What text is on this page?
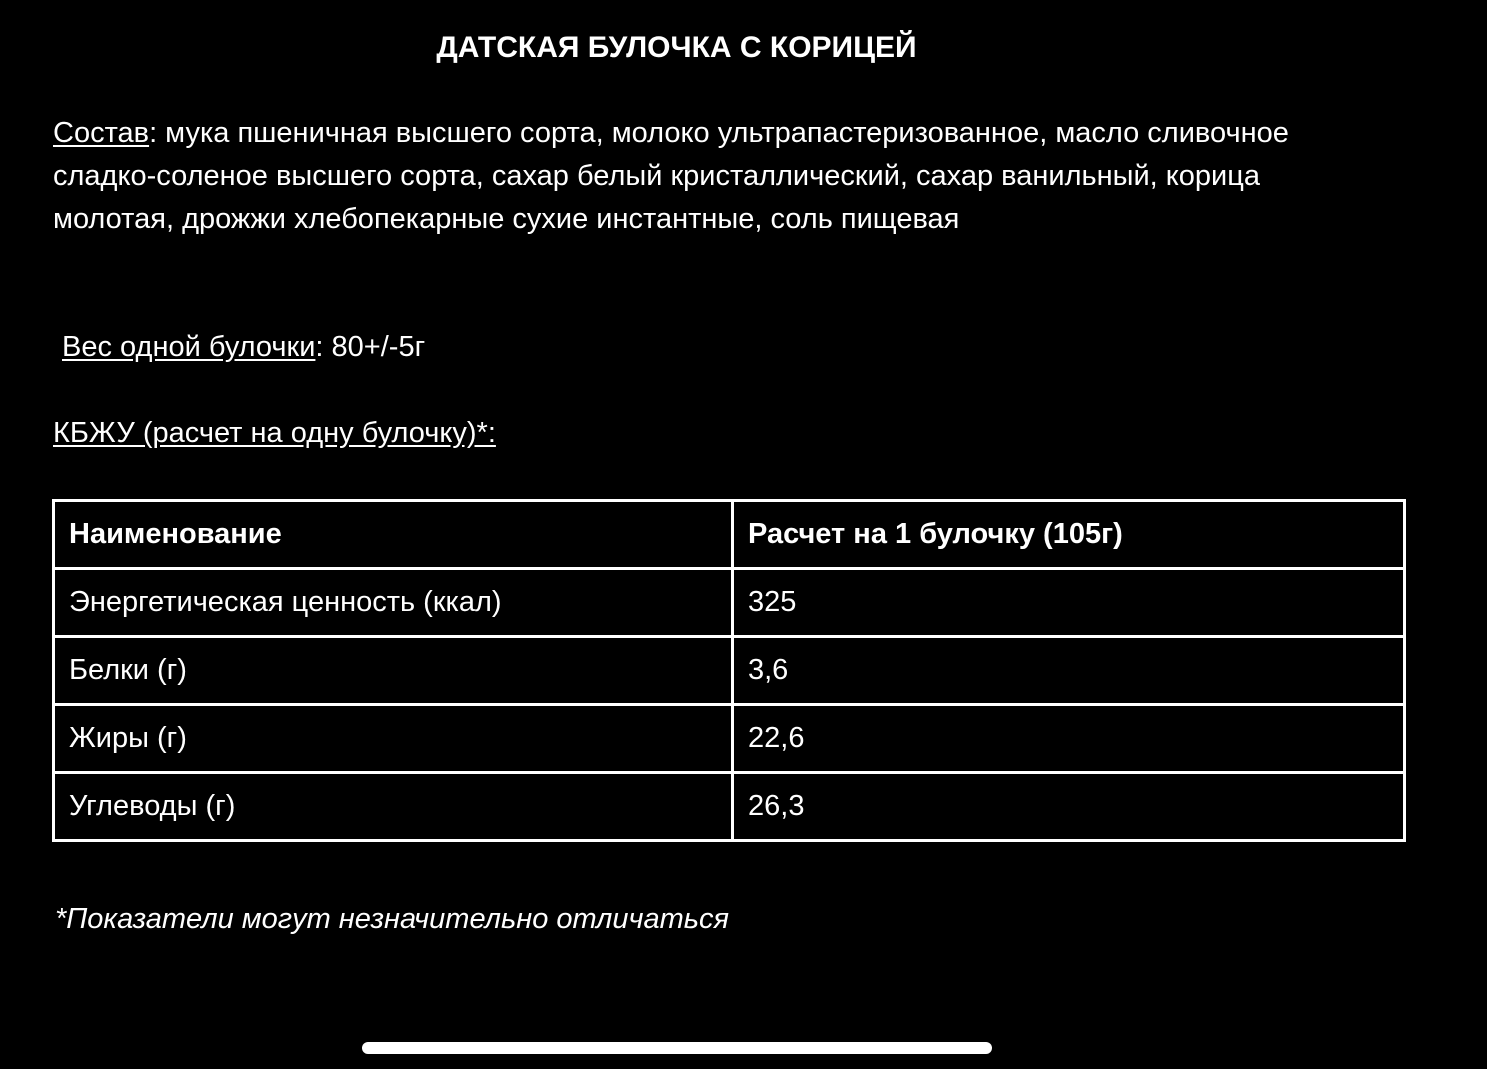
ДАТСКАЯ БУЛОЧКА С КОРИЦЕЙ

Состав: мука пшеничная высшего сорта, молоко ультрапастеризованное, масло сливочное сладко-соленое высшего сорта, сахар белый кристаллический, сахар ванильный, корица молотая, дрожжи хлебопекарные сухие инстантные, соль пищевая

Вес одной булочки: 80+/-5г

КБЖУ (расчет на одну булочку)*:

Наименование	Расчет на 1 булочку (105г)
Энергетическая ценность (ккал)	325
Белки (г)	3,6
Жиры (г)	22,6
Углеводы (г)	26,3

*Показатели могут незначительно отличаться
